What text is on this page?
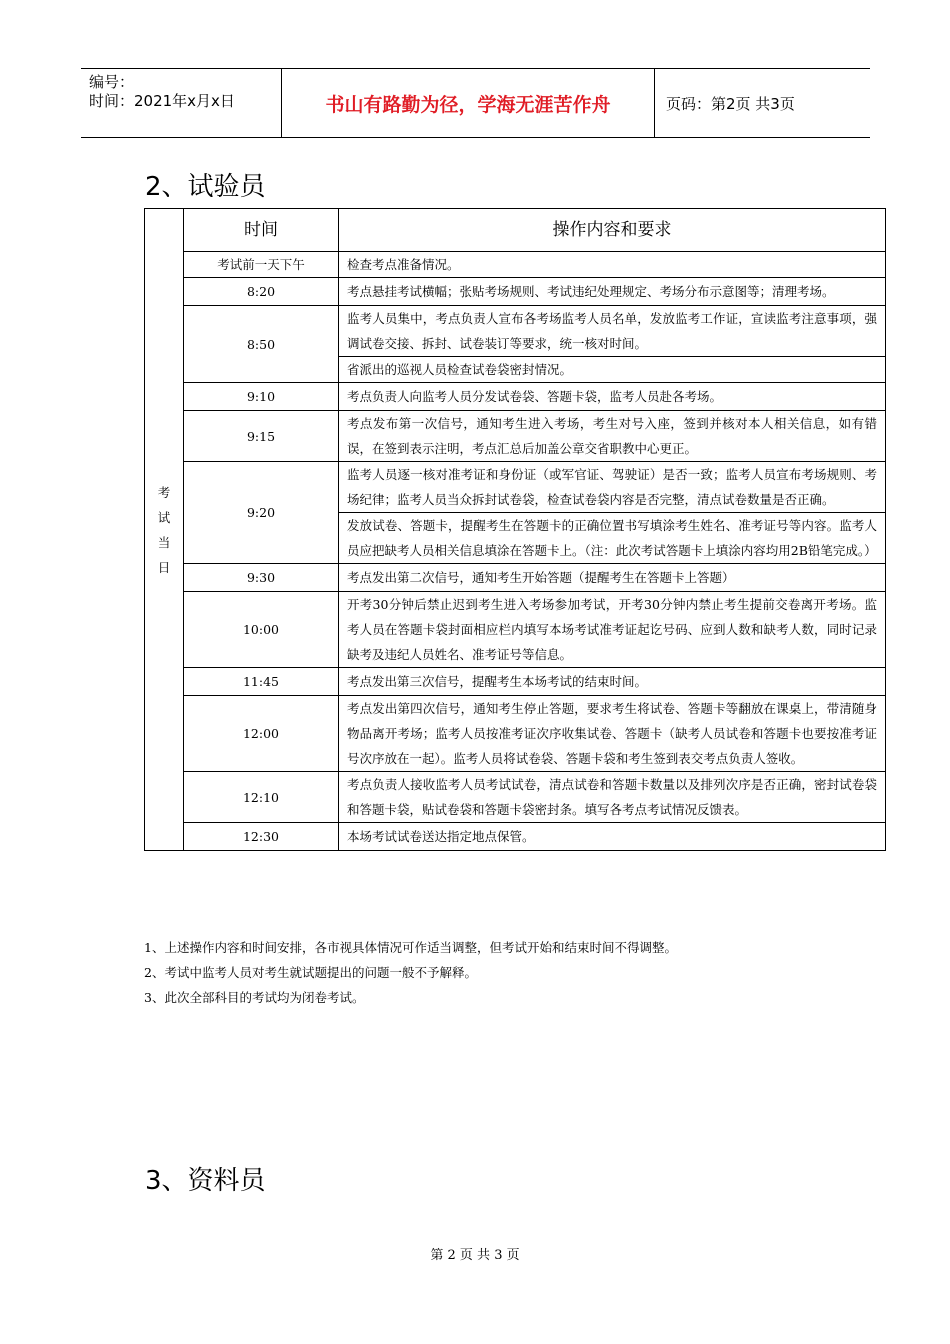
编号：
时间：2021年x月x日	书山有路勤为径，学海无涯苦作舟	页码：第2页 共3页
2、试验员
考
试
当
日	时间	操作内容和要求
	考试前一天下午	检查考点准备情况。
	8:20	考点悬挂考试横幅；张贴考场规则、考试违纪处理规定、考场分布示意图等；清理考场。
	8:50	监考人员集中，考点负责人宣布各考场监考人员名单，发放监考工作证，宣读监考注意事项，强调试卷交接、拆封、试卷装订等要求，统一核对时间。
		省派出的巡视人员检查试卷袋密封情况。
	9:10	考点负责人向监考人员分发试卷袋、答题卡袋，监考人员赴各考场。
	9:15	考点发布第一次信号，通知考生进入考场，考生对号入座，签到并核对本人相关信息，如有错误，在签到表示注明，考点汇总后加盖公章交省职教中心更正。
	9:20	监考人员逐一核对准考证和身份证（或军官证、驾驶证）是否一致；监考人员宣布考场规则、考场纪律；监考人员当众拆封试卷袋，检查试卷袋内容是否完整，清点试卷数量是否正确。
		发放试卷、答题卡，提醒考生在答题卡的正确位置书写填涂考生姓名、准考证号等内容。监考人员应把缺考人员相关信息填涂在答题卡上。（注：此次考试答题卡上填涂内容均用2B铅笔完成。）
	9:30	考点发出第二次信号，通知考生开始答题（提醒考生在答题卡上答题）
	10:00	开考30分钟后禁止迟到考生进入考场参加考试，开考30分钟内禁止考生提前交卷离开考场。监考人员在答题卡袋封面相应栏内填写本场考试准考证起讫号码、应到人数和缺考人数，同时记录缺考及违纪人员姓名、准考证号等信息。
	11:45	考点发出第三次信号，提醒考生本场考试的结束时间。
	12:00	考点发出第四次信号，通知考生停止答题，要求考生将试卷、答题卡等翻放在课桌上，带清随身物品离开考场；监考人员按准考证次序收集试卷、答题卡（缺考人员试卷和答题卡也要按准考证号次序放在一起）。监考人员将试卷袋、答题卡袋和考生签到表交考点负责人签收。
	12:10	考点负责人接收监考人员考试试卷，清点试卷和答题卡数量以及排列次序是否正确，密封试卷袋和答题卡袋，贴试卷袋和答题卡袋密封条。填写各考点考试情况反馈表。
	12:30	本场考试试卷送达指定地点保管。
1、上述操作内容和时间安排，各市视具体情况可作适当调整，但考试开始和结束时间不得调整。
2、考试中监考人员对考生就试题提出的问题一般不予解释。
3、此次全部科目的考试均为闭卷考试。
3、资料员
第 2 页 共 3 页
